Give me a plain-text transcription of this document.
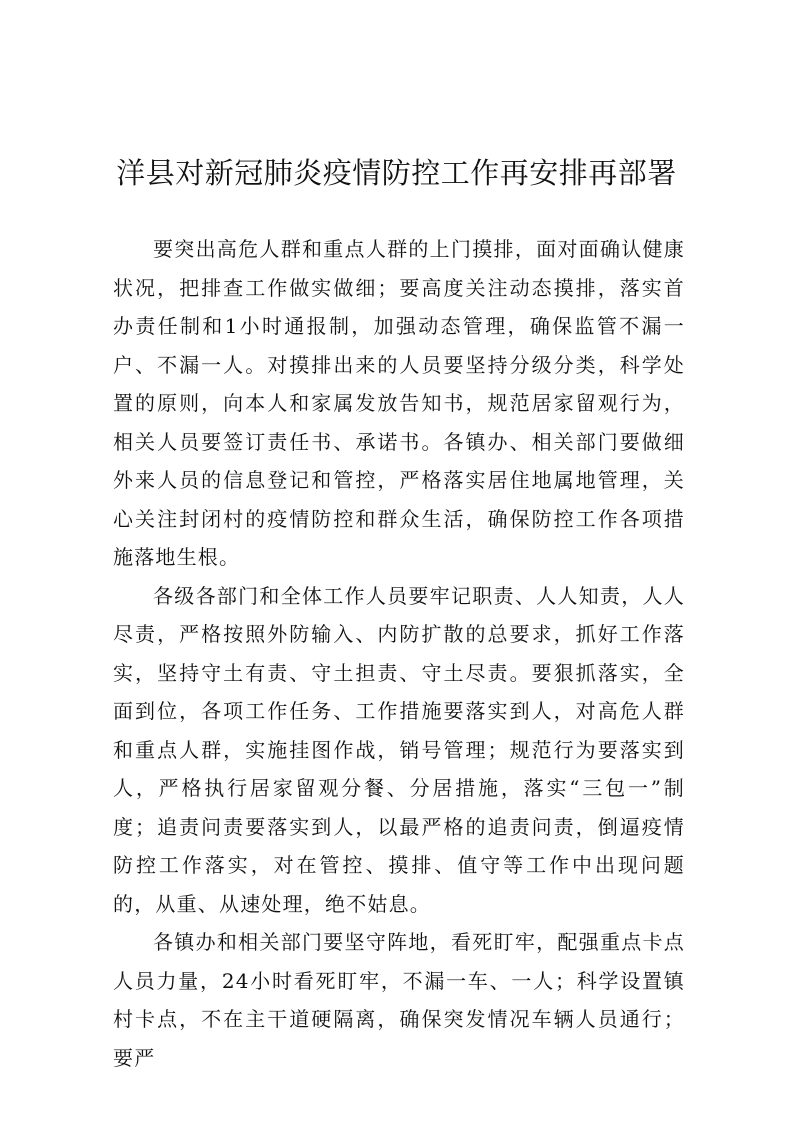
洋县对新冠肺炎疫情防控工作再安排再部署

要突出高危人群和重点人群的上门摸排，面对面确认健康状况，把排查工作做实做细；要高度关注动态摸排，落实首办责任制和1小时通报制，加强动态管理，确保监管不漏一户、不漏一人。对摸排出来的人员要坚持分级分类，科学处置的原则，向本人和家属发放告知书，规范居家留观行为，相关人员要签订责任书、承诺书。各镇办、相关部门要做细外来人员的信息登记和管控，严格落实居住地属地管理，关心关注封闭村的疫情防控和群众生活，确保防控工作各项措施落地生根。

各级各部门和全体工作人员要牢记职责、人人知责，人人尽责，严格按照外防输入、内防扩散的总要求，抓好工作落实，坚持守土有责、守土担责、守土尽责。要狠抓落实，全面到位，各项工作任务、工作措施要落实到人，对高危人群和重点人群，实施挂图作战，销号管理；规范行为要落实到人，严格执行居家留观分餐、分居措施，落实“三包一”制度；追责问责要落实到人，以最严格的追责问责，倒逼疫情防控工作落实，对在管控、摸排、值守等工作中出现问题的，从重、从速处理，绝不姑息。

各镇办和相关部门要坚守阵地，看死盯牢，配强重点卡点人员力量，24小时看死盯牢，不漏一车、一人；科学设置镇村卡点，不在主干道硬隔离，确保突发情况车辆人员通行；要严
